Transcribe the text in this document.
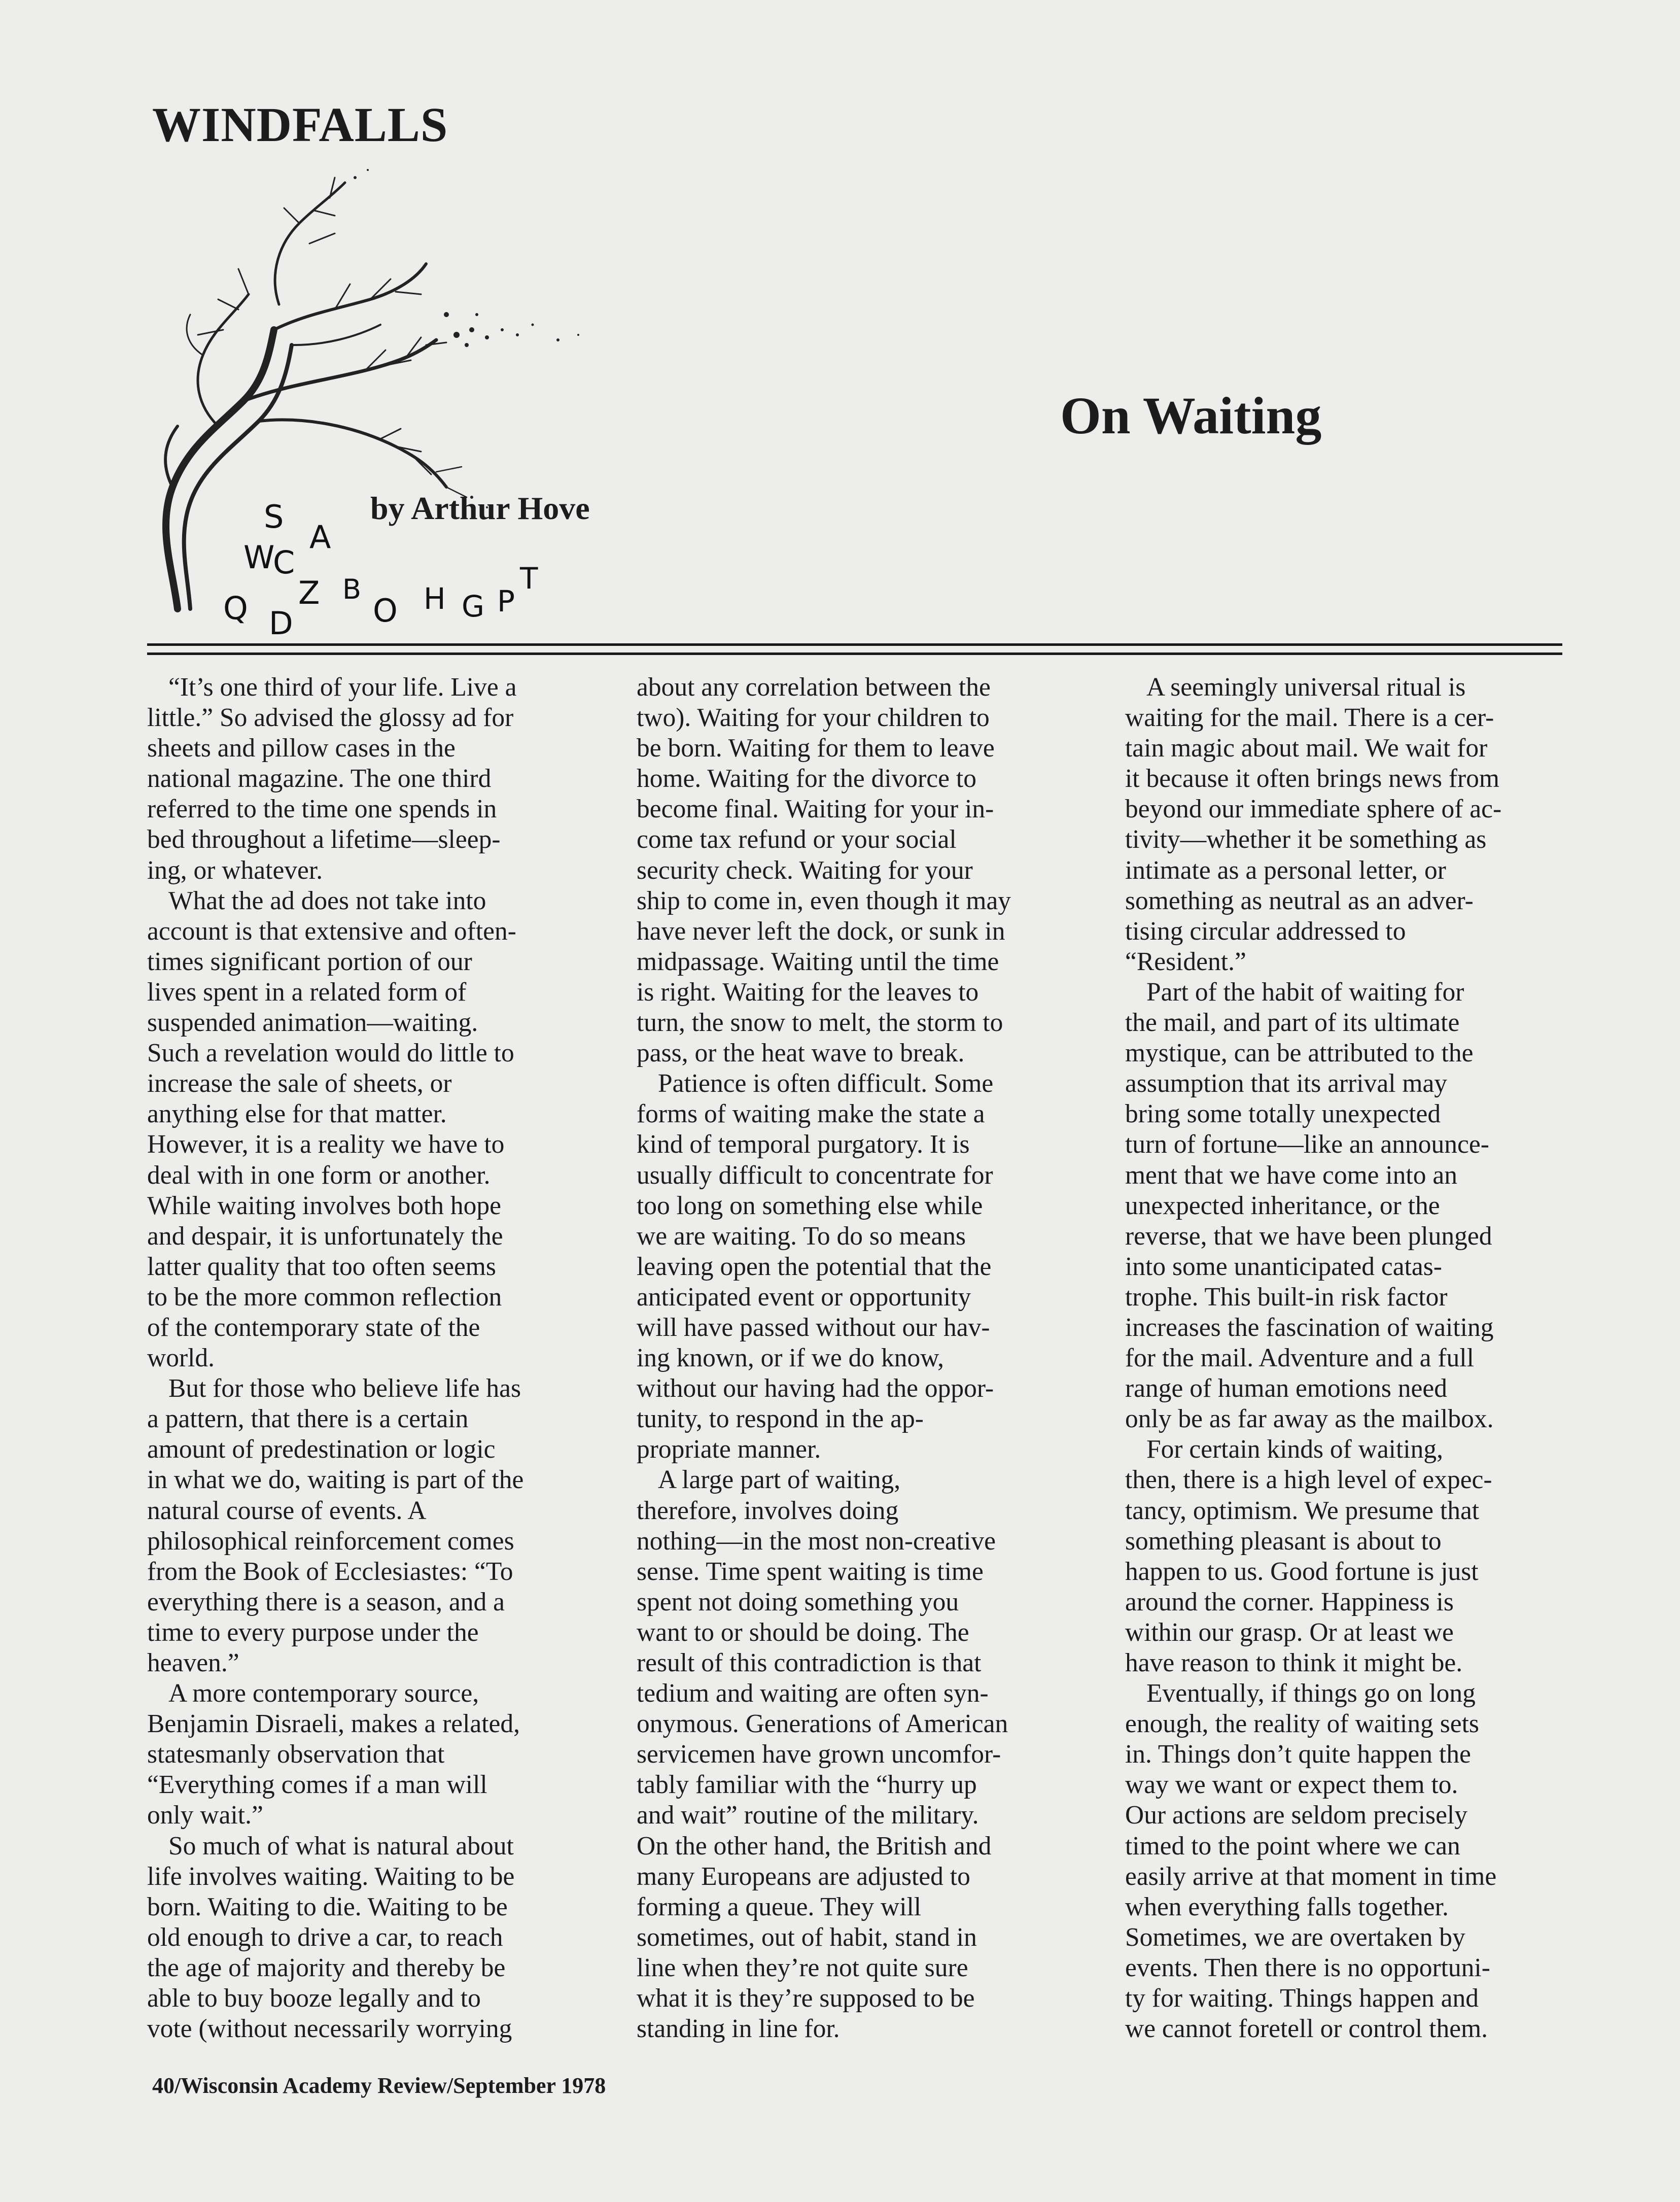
WINDFALLS
S
A
W
C
Z B
O H G P
T
Q D
On Waiting

by Arthur Hove

“It’s one third of your life. Live a
little.” So advised the glossy ad for
sheets and pillow cases in the
national magazine. The one third
referred to the time one spends in
bed throughout a lifetime—sleep-
ing, or whatever.
What the ad does not take into
account is that extensive and often-
times significant portion of our
lives spent in a related form of
suspended animation—waiting.
Such a revelation would do little to
increase the sale of sheets, or
anything else for that matter.
However, it is a reality we have to
deal with in one form or another.
While waiting involves both hope
and despair, it is unfortunately the
latter quality that too often seems
to be the more common reflection
of the contemporary state of the
world.
But for those who believe life has
a pattern, that there is a certain
amount of predestination or logic
in what we do, waiting is part of the
natural course of events. A
philosophical reinforcement comes
from the Book of Ecclesiastes: “To
everything there is a season, and a
time to every purpose under the
heaven.”
A more contemporary source,
Benjamin Disraeli, makes a related,
statesmanly observation that
“Everything comes if a man will
only wait.”
So much of what is natural about
life involves waiting. Waiting to be
born. Waiting to die. Waiting to be
old enough to drive a car, to reach
the age of majority and thereby be
able to buy booze legally and to
vote (without necessarily worrying
about any correlation between the
two). Waiting for your children to
be born. Waiting for them to leave
home. Waiting for the divorce to
become final. Waiting for your in-
come tax refund or your social
security check. Waiting for your
ship to come in, even though it may
have never left the dock, or sunk in
midpassage. Waiting until the time
is right. Waiting for the leaves to
turn, the snow to melt, the storm to
pass, or the heat wave to break.
Patience is often difficult. Some
forms of waiting make the state a
kind of temporal purgatory. It is
usually difficult to concentrate for
too long on something else while
we are waiting. To do so means
leaving open the potential that the
anticipated event or opportunity
will have passed without our hav-
ing known, or if we do know,
without our having had the oppor-
tunity, to respond in the ap-
propriate manner.
A large part of waiting,
therefore, involves doing
nothing—in the most non-creative
sense. Time spent waiting is time
spent not doing something you
want to or should be doing. The
result of this contradiction is that
tedium and waiting are often syn-
onymous. Generations of American
servicemen have grown uncomfor-
tably familiar with the “hurry up
and wait” routine of the military.
On the other hand, the British and
many Europeans are adjusted to
forming a queue. They will
sometimes, out of habit, stand in
line when they’re not quite sure
what it is they’re supposed to be
standing in line for.
A seemingly universal ritual is
waiting for the mail. There is a cer-
tain magic about mail. We wait for
it because it often brings news from
beyond our immediate sphere of ac-
tivity—whether it be something as
intimate as a personal letter, or
something as neutral as an adver-
tising circular addressed to
“Resident.”
Part of the habit of waiting for
the mail, and part of its ultimate
mystique, can be attributed to the
assumption that its arrival may
bring some totally unexpected
turn of fortune—like an announce-
ment that we have come into an
unexpected inheritance, or the
reverse, that we have been plunged
into some unanticipated catas-
trophe. This built-in risk factor
increases the fascination of waiting
for the mail. Adventure and a full
range of human emotions need
only be as far away as the mailbox.
For certain kinds of waiting,
then, there is a high level of expec-
tancy, optimism. We presume that
something pleasant is about to
happen to us. Good fortune is just
around the corner. Happiness is
within our grasp. Or at least we
have reason to think it might be.
Eventually, if things go on long
enough, the reality of waiting sets
in. Things don’t quite happen the
way we want or expect them to.
Our actions are seldom precisely
timed to the point where we can
easily arrive at that moment in time
when everything falls together.
Sometimes, we are overtaken by
events. Then there is no opportuni-
ty for waiting. Things happen and
we cannot foretell or control them.

40/Wisconsin Academy Review/September 1978
